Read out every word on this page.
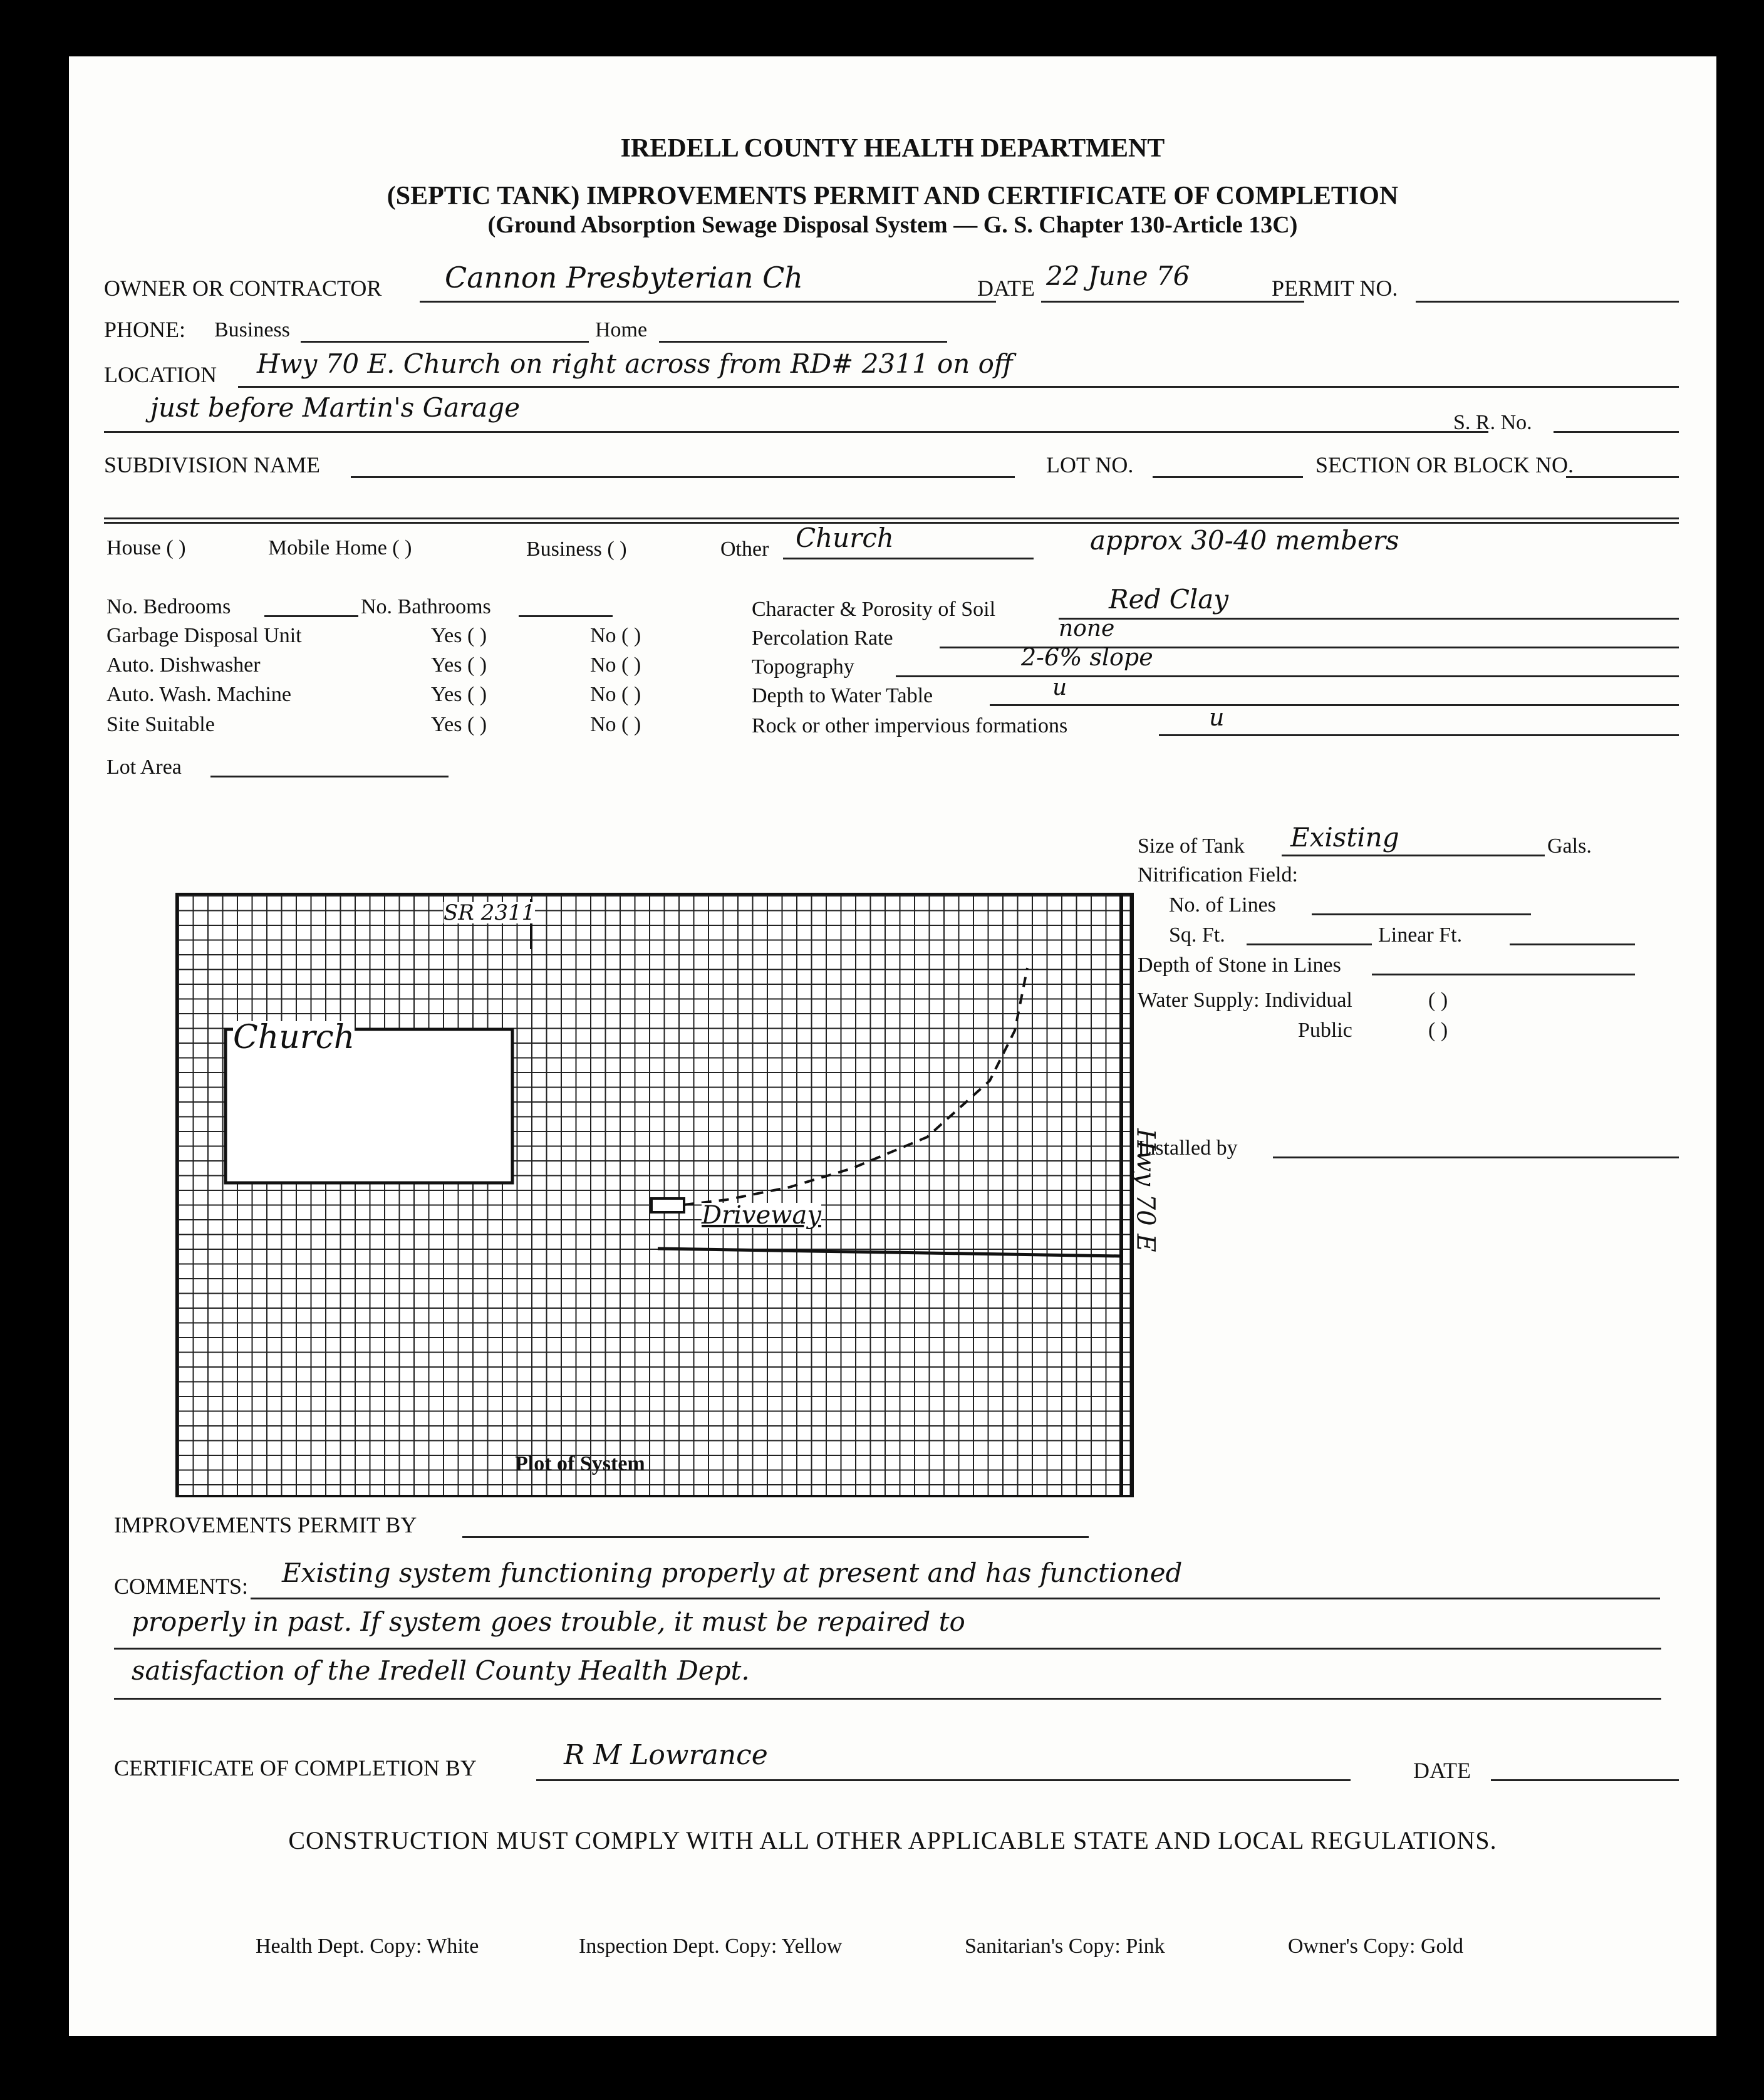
IREDELL COUNTY HEALTH DEPARTMENT
(SEPTIC TANK) IMPROVEMENTS PERMIT AND CERTIFICATE OF COMPLETION
(Ground Absorption Sewage Disposal System — G. S. Chapter 130-Article 13C)
OWNER OR CONTRACTOR Cannon Presbyterian Ch	DATE 22 June 76	PERMIT NO.
PHONE: Business	Home
LOCATION Hwy 70 E. Church on right across from RD# 2311 on off
just before Martin's Garage	S. R. No.
SUBDIVISION NAME	LOT NO.	SECTION OR BLOCK NO.
House ( )	Mobile Home ( )	Business ( )	Other Church	approx 30-40 members
No. Bedrooms	No. Bathrooms
Garbage Disposal Unit	Yes ( )	No ( )
Auto. Dishwasher	Yes ( )	No ( )
Auto. Wash. Machine	Yes ( )	No ( )
Site Suitable	Yes ( )	No ( )
Lot Area
Character & Porosity of Soil	Red Clay
Percolation Rate	none
Topography	2-6% slope
Depth to Water Table	u
Rock or other impervious formations	u
Church
Driveway
SR 2311
Hwy 70 E
Plot of System
Size of Tank Existing	Gals.
Nitrification Field:
No. of Lines
Sq. Ft.	Linear Ft.
Depth of Stone in Lines
Water Supply: Individual	( )
Public	( )
Installed by
IMPROVEMENTS PERMIT BY
COMMENTS: Existing system functioning properly at present and has functioned
properly in past. If system goes trouble, it must be repaired to
satisfaction of the Iredell County Health Dept.
CERTIFICATE OF COMPLETION BY	R M Lowrance	DATE
CONSTRUCTION MUST COMPLY WITH ALL OTHER APPLICABLE STATE AND LOCAL REGULATIONS.
Health Dept. Copy: White	Inspection Dept. Copy: Yellow	Sanitarian's Copy: Pink	Owner's Copy: Gold
